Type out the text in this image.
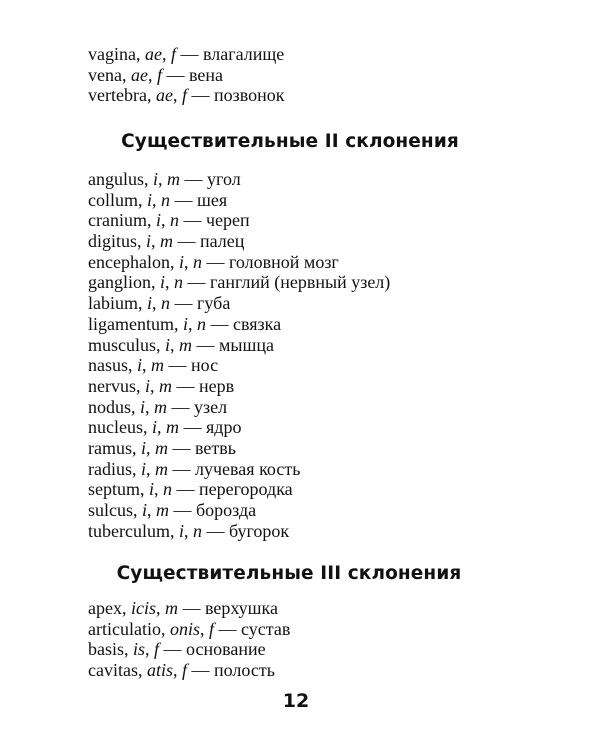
vagina, ae, f — влагалище
vena, ae, f — вена
vertebra, ae, f — позвонок
Существительные II склонения
angulus, i, m — угол
collum, i, n — шея
cranium, i, n — череп
digitus, i, m — палец
encephalon, i, n — головной мозг
ganglion, i, n — ганглий (нервный узел)
labium, i, n — губа
ligamentum, i, n — связка
musculus, i, m — мышца
nasus, i, m — нос
nervus, i, m — нерв
nodus, i, m — узел
nucleus, i, m — ядро
ramus, i, m — ветвь
radius, i, m — лучевая кость
septum, i, n — перегородка
sulcus, i, m — борозда
tuberculum, i, n — бугорок
Существительные III склонения
apex, icis, m — верхушка
articulatio, onis, f — сустав
basis, is, f — основание
cavitas, atis, f — полость
12
